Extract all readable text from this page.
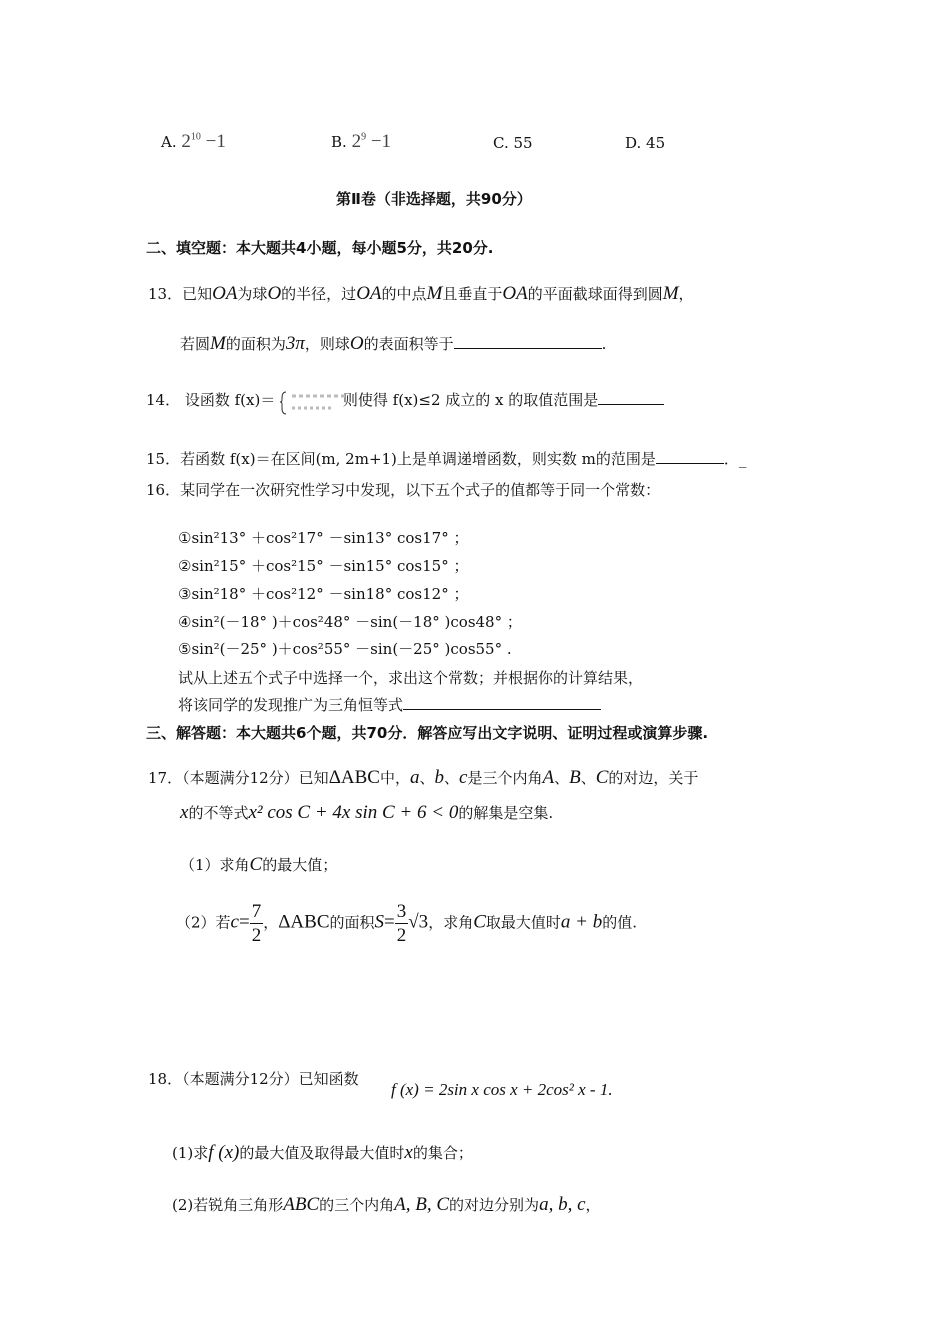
A. $2^{10} -1$	B. $2^9 -1$	C. 55	D. 45
第Ⅱ卷（非选择题，共90分）
二、填空题：本大题共4小题，每小题5分，共20分.
13．已知OA为球O的半径，过OA的中点M且垂直于OA的平面截球面得到圆M，
若圆M的面积为3π，则球O的表面积等于	.
14． 设函数 f(x)＝	则使得 f(x)≤2 成立的 x 的取值范围是
15．若函数 f(x)＝在区间(m, 2m+1)上是单调递增函数，则实数 m的范围是	．_
16．某同学在一次研究性学习中发现，以下五个式子的值都等于同一个常数：
①sin²13° ＋cos²17° －sin13° cos17° ；
②sin²15° ＋cos²15° －sin15° cos15° ；
③sin²18° ＋cos²12° －sin18° cos12° ；
④sin²(－18° )＋cos²48° －sin(－18° )cos48° ；
⑤sin²(－25° )＋cos²55° －sin(－25° )cos55° .
试从上述五个式子中选择一个，求出这个常数；并根据你的计算结果，
将该同学的发现推广为三角恒等式
三、解答题：本大题共6个题，共70分．解答应写出文字说明、证明过程或演算步骤.
17．（本题满分12分）已知ΔABC中，a、b、c是三个内角A、B、C的对边，关于
x的不等式x² cos C + 4x sin C + 6 < 0的解集是空集.
（1）求角C的最大值；
（2）若$c= \frac{7}{2}$ ，ΔABC的面积$S= \frac{3}{2} √3$，求角C取最大值时a + b的值.
18．（本题满分12分）已知函数
f (x) = 2sin x cos x + 2cos² x - 1.
(1)求f (x)的最大值及取得最大值时x的集合；
(2)若锐角三角形ABC的三个内角A, B, C的对边分别为a, b, c，
